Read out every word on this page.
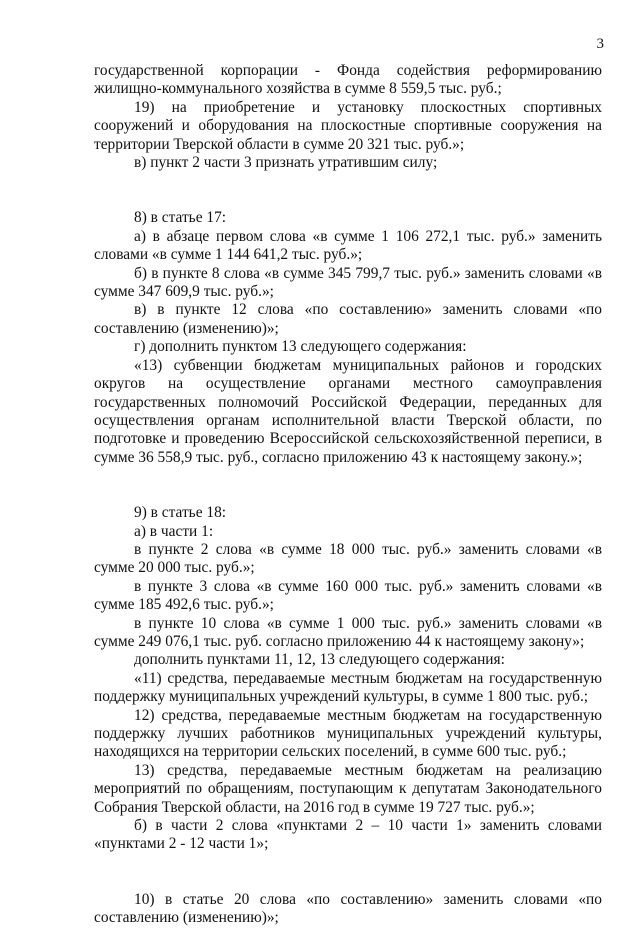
3

государственной корпорации - Фонда содействия реформированию жилищно-коммунального хозяйства в сумме 8 559,5 тыс. руб.;

19) на приобретение и установку плоскостных спортивных сооружений и оборудования на плоскостные спортивные сооружения на территории Тверской области в сумме 20 321 тыс. руб.»;

в) пункт 2 части 3 признать утратившим силу;

8) в статье 17:

а) в абзаце первом слова «в сумме 1 106 272,1 тыс. руб.» заменить словами «в сумме 1 144 641,2 тыс. руб.»;

б) в пункте 8 слова «в сумме 345 799,7 тыс. руб.» заменить словами «в сумме 347 609,9 тыс. руб.»;

в) в пункте 12 слова «по составлению» заменить словами «по составлению (изменению)»;

г) дополнить пунктом 13 следующего содержания:

«13) субвенции бюджетам муниципальных районов и городских округов на осуществление органами местного самоуправления государственных полномочий Российской Федерации, переданных для осуществления органам исполнительной власти Тверской области, по подготовке и проведению Всероссийской сельскохозяйственной переписи, в сумме 36 558,9 тыс. руб., согласно приложению 43 к настоящему закону.»;

9) в статье 18:

а) в части 1:

в пункте 2 слова «в сумме 18 000 тыс. руб.» заменить словами «в сумме 20 000 тыс. руб.»;

в пункте 3 слова «в сумме 160 000 тыс. руб.» заменить словами «в сумме 185 492,6 тыс. руб.»;

в пункте 10 слова «в сумме 1 000 тыс. руб.» заменить словами «в сумме 249 076,1 тыс. руб. согласно приложению 44 к настоящему закону»;

дополнить пунктами 11, 12, 13 следующего содержания:

«11) средства, передаваемые местным бюджетам на государственную поддержку муниципальных учреждений культуры, в сумме 1 800 тыс. руб.;

12) средства, передаваемые местным бюджетам на государственную поддержку лучших работников муниципальных учреждений культуры, находящихся на территории сельских поселений, в сумме 600 тыс. руб.;

13) средства, передаваемые местным бюджетам на реализацию мероприятий по обращениям, поступающим к депутатам Законодательного Собрания Тверской области, на 2016 год в сумме 19 727 тыс. руб.»;

б) в части 2 слова «пунктами 2 – 10 части 1» заменить словами «пунктами 2 - 12 части 1»;

10) в статье 20 слова «по составлению» заменить словами «по составлению (изменению)»;
